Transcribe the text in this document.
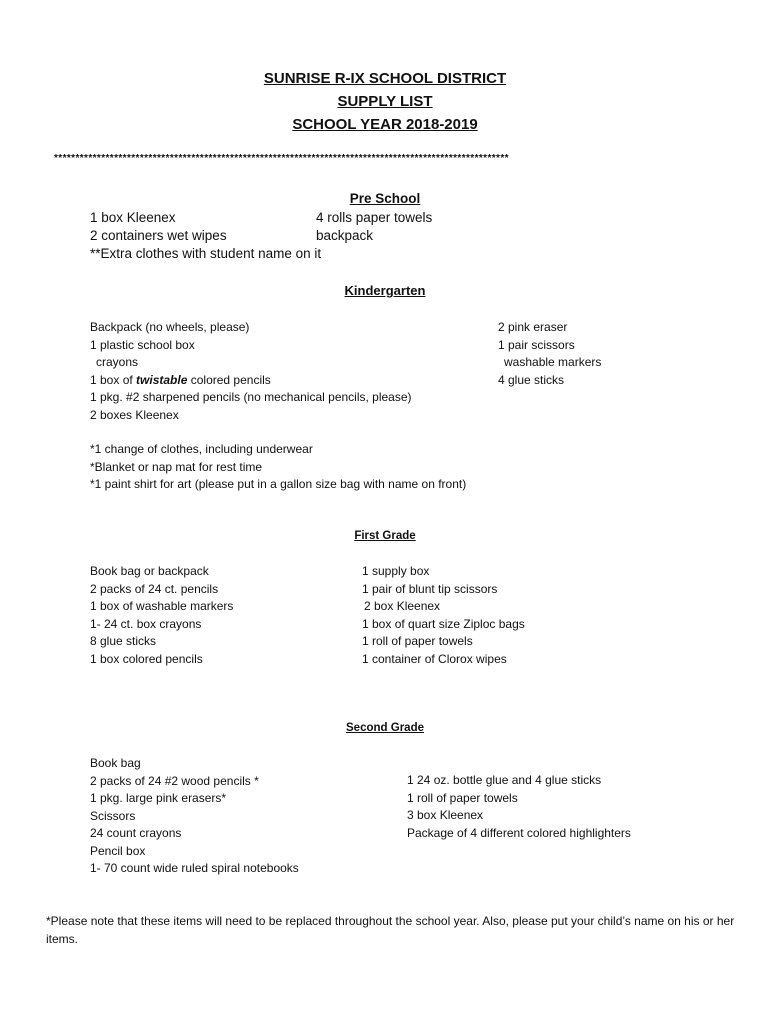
SUNRISE R-IX SCHOOL DISTRICT
SUPPLY LIST
SCHOOL YEAR 2018-2019
**********************************************************************************************************
Pre School
1 box Kleenex
2 containers wet wipes
**Extra clothes with student name on it
4 rolls paper towels
backpack
Kindergarten
Backpack (no wheels, please)
1 plastic school box
crayons
1 box of twistable colored pencils
1 pkg. #2 sharpened pencils (no mechanical pencils, please)
2 boxes Kleenex
2 pink eraser
1 pair scissors
washable markers
4 glue sticks
*1 change of clothes, including underwear
*Blanket or nap mat for rest time
*1 paint shirt for art (please put in a gallon size bag with name on front)
First Grade
Book bag or backpack
2 packs of 24 ct. pencils
1 box of washable markers
1- 24 ct. box crayons
8 glue sticks
1 box colored pencils
1 supply box
1 pair of blunt tip scissors
2 box Kleenex
1 box of quart size Ziploc bags
1 roll of paper towels
1 container of Clorox wipes
Second Grade
Book bag
2 packs of 24 #2 wood pencils *
1 pkg. large pink erasers*
Scissors
24 count crayons
Pencil box
1- 70 count wide ruled spiral notebooks
1 24 oz. bottle glue and 4 glue sticks
1 roll of paper towels
3 box Kleenex
Package of 4 different colored highlighters
*Please note that these items will need to be replaced throughout the school year. Also, please put your child’s name on his or her items.
